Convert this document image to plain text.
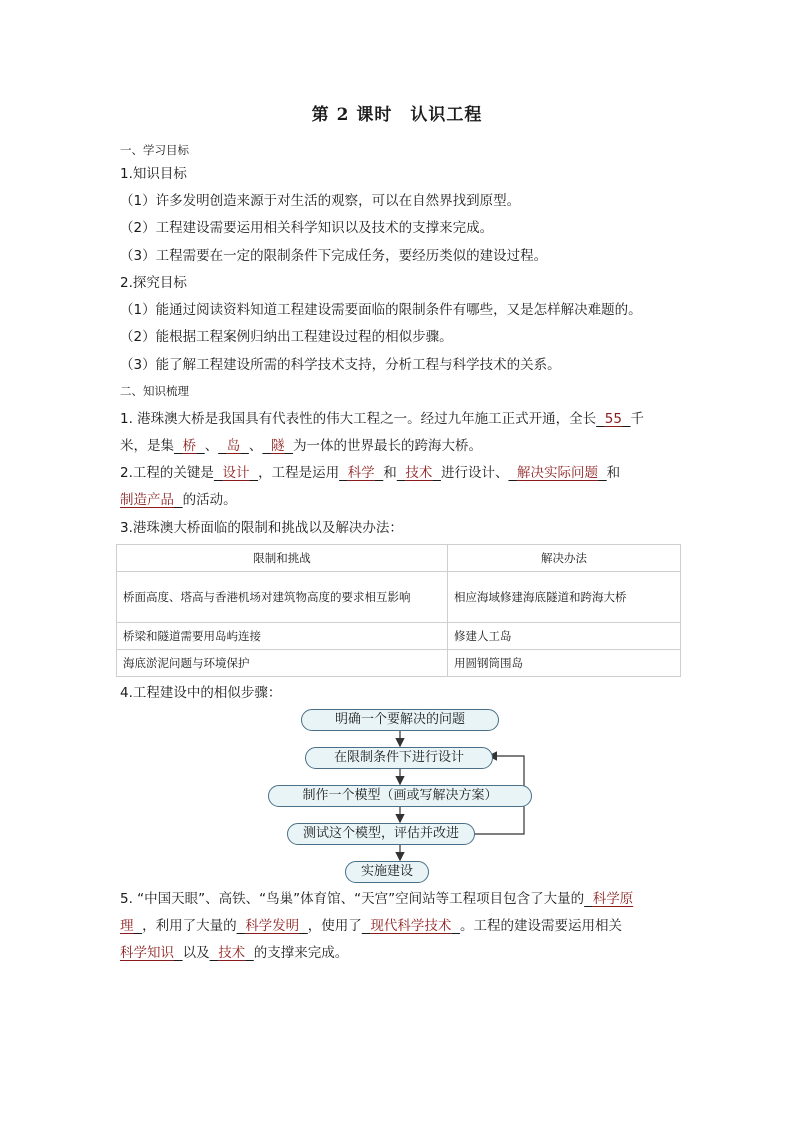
第 2 课时　认识工程
一、学习目标
1.知识目标
（1）许多发明创造来源于对生活的观察，可以在自然界找到原型。
（2）工程建设需要运用相关科学知识以及技术的支撑来完成。
（3）工程需要在一定的限制条件下完成任务，要经历类似的建设过程。
2.探究目标
（1）能通过阅读资料知道工程建设需要面临的限制条件有哪些，又是怎样解决难题的。
（2）能根据工程案例归纳出工程建设过程的相似步骤。
（3）能了解工程建设所需的科学技术支持，分析工程与科学技术的关系。
二、知识梳理
1. 港珠澳大桥是我国具有代表性的伟大工程之一。经过九年施工正式开通，全长 55 千
米，是集 桥 、 岛 、 隧 为一体的世界最长的跨海大桥。
2.工程的关键是 设计 ，工程是运用 科学 和 技术 进行设计、 解决实际问题 和
制造产品 的活动。
3.港珠澳大桥面临的限制和挑战以及解决办法：
限制和挑战	解决办法
桥面高度、塔高与香港机场对建筑物高度的要求相互影响	相应海域修建海底隧道和跨海大桥
桥梁和隧道需要用岛屿连接	修建人工岛
海底淤泥问题与环境保护	用圆钢筒围岛
4.工程建设中的相似步骤：
明确一个要解决的问题
在限制条件下进行设计
制作一个模型（画或写解决方案）
测试这个模型，评估并改进
实施建设
5. “中国天眼”、高铁、“鸟巢”体育馆、“天宫”空间站等工程项目包含了大量的 科学原
理 ，利用了大量的 科学发明 ，使用了 现代科学技术 。工程的建设需要运用相关
科学知识 以及 技术 的支撑来完成。
